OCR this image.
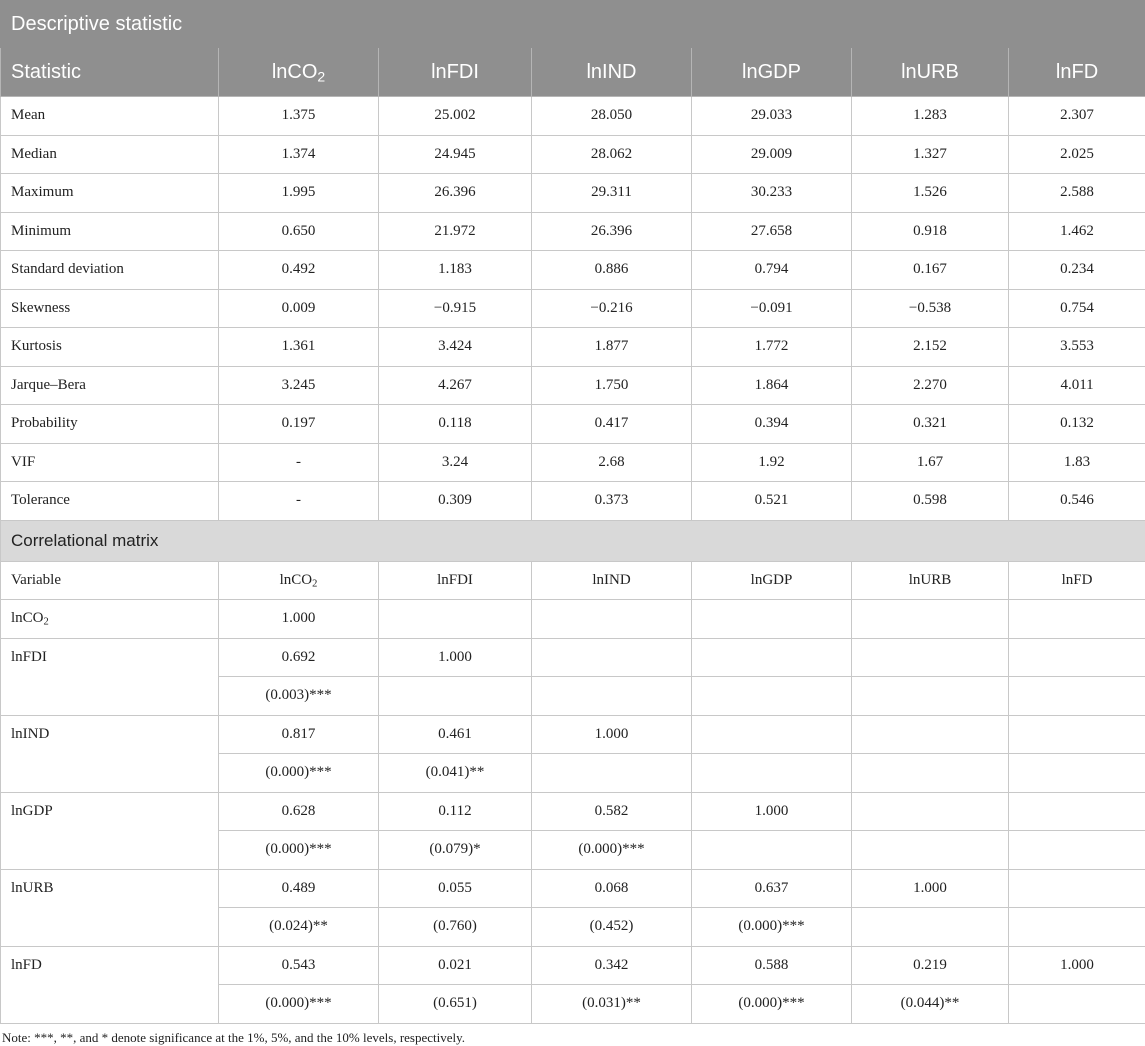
Descriptive statistic						
Statistic	lnCO$_2$	lnFDI	lnIND	lnGDP	lnURB	lnFD
Mean	1.375	25.002	28.050	29.033	1.283	2.307
Median	1.374	24.945	28.062	29.009	1.327	2.025
Maximum	1.995	26.396	29.311	30.233	1.526	2.588
Minimum	0.650	21.972	26.396	27.658	0.918	1.462
Standard deviation	0.492	1.183	0.886	0.794	0.167	0.234
Skewness	0.009	−0.915	−0.216	−0.091	−0.538	0.754
Kurtosis	1.361	3.424	1.877	1.772	2.152	3.553
Jarque–Bera	3.245	4.267	1.750	1.864	2.270	4.011
Probability	0.197	0.118	0.417	0.394	0.321	0.132
VIF	-	3.24	2.68	1.92	1.67	1.83
Tolerance	-	0.309	0.373	0.521	0.598	0.546
Correlational matrix						
Variable	lnCO$_2$	lnFDI	lnIND	lnGDP	lnURB	lnFD
lnCO$_2$	1.000					
lnFDI	0.692	1.000				
	(0.003)***					
lnIND	0.817	0.461	1.000			
	(0.000)***	(0.041)**				
lnGDP	0.628	0.112	0.582	1.000		
	(0.000)***	(0.079)*	(0.000)***			
lnURB	0.489	0.055	0.068	0.637	1.000	
	(0.024)**	(0.760)	(0.452)	(0.000)***		
lnFD	0.543	0.021	0.342	0.588	0.219	1.000
	(0.000)***	(0.651)	(0.031)**	(0.000)***	(0.044)**	
Note: ***, **, and * denote significance at the 1%, 5%, and the 10% levels, respectively.
